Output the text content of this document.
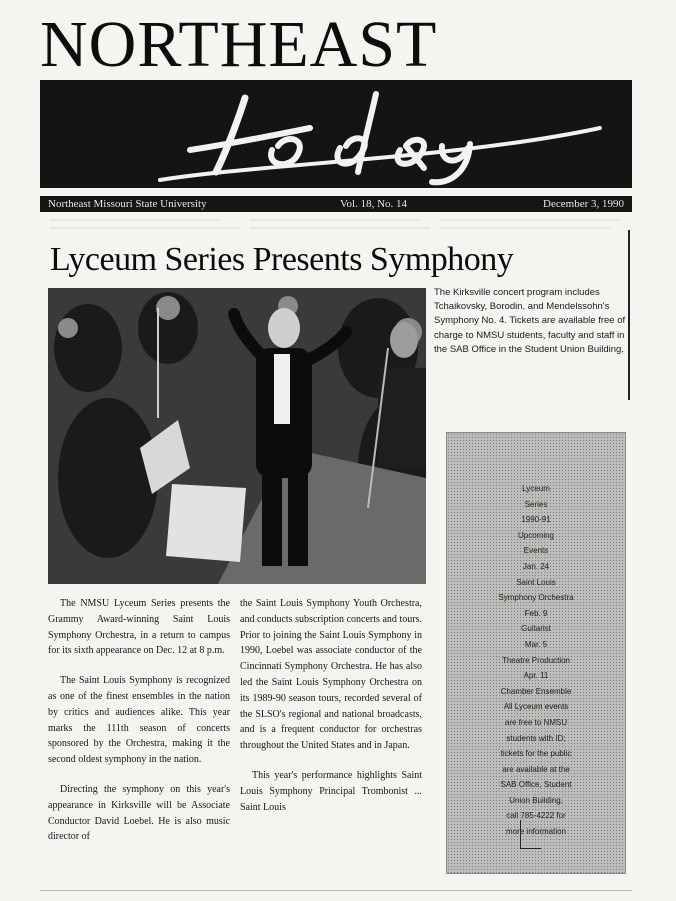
NORTHEAST
Northeast Missouri State University	Vol. 18, No. 14	December 3, 1990
Lyceum Series Presents Symphony
The Kirksville concert program includes Tchaikovsky, Borodin, and Mendelssohn's Symphony No. 4. Tickets are available free of charge to NMSU students, faculty and staff in the SAB Office in the Student Union Building.
Lyceum
Series
1990-91
Upcoming
Events
Jan. 24
Saint Louis
Symphony Orchestra
Feb. 9
Guitarist
Mar. 5
Theatre Production
Apr. 11
Chamber Ensemble
All Lyceum events
are free to NMSU
students with ID;
tickets for the public
are available at the
SAB Office, Student
Union Building,
call 785-4222 for
more information

The NMSU Lyceum Series presents the Grammy Award-winning Saint Louis Symphony Orchestra, in a return to campus for its sixth appearance on Dec. 12 at 8 p.m.

The Saint Louis Symphony is recognized as one of the finest ensembles in the nation by critics and audiences alike. This year marks the 111th season of concerts sponsored by the Orchestra, making it the second oldest symphony in the nation.

Directing the symphony on this year's appearance in Kirksville will be Associate Conductor David Loebel. He is also music director of

the Saint Louis Symphony Youth Orchestra, and conducts subscription concerts and tours. Prior to joining the Saint Louis Symphony in 1990, Loebel was associate conductor of the Cincinnati Symphony Orchestra. He has also led the Saint Louis Symphony Orchestra on its 1989-90 season tours, recorded several of the SLSO's regional and national broadcasts, and is a frequent conductor for orchestras throughout the United States and in Japan.

This year's performance highlights Saint Louis Symphony Principal Trombonist ... Saint Louis
